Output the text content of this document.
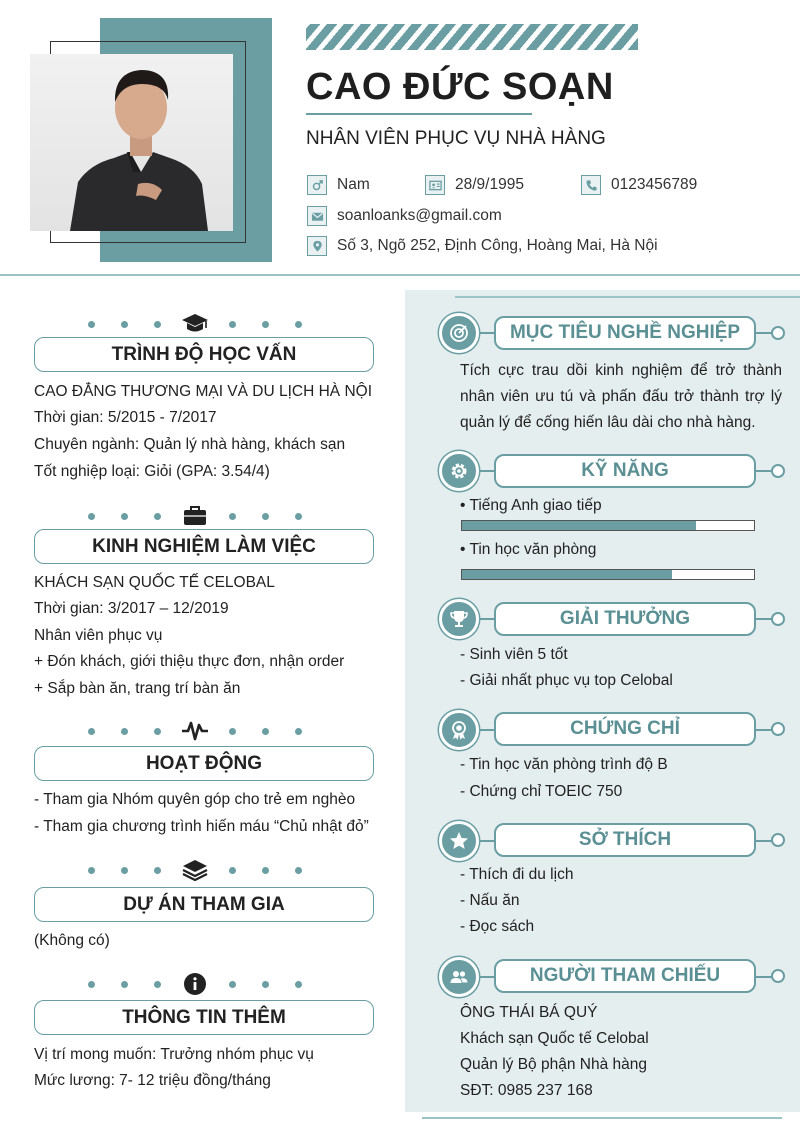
CAO ĐỨC SOẠN
NHÂN VIÊN PHỤC VỤ NHÀ HÀNG
Nam	28/9/1995	0123456789
soanloanks@gmail.com
Số 3, Ngõ 252, Định Công, Hoàng Mai, Hà Nội
TRÌNH ĐỘ HỌC VẤN
CAO ĐẲNG THƯƠNG MẠI VÀ DU LỊCH HÀ NỘI
Thời gian: 5/2015 - 7/2017
Chuyên ngành: Quản lý nhà hàng, khách sạn
Tốt nghiệp loại: Giỏi (GPA: 3.54/4)
KINH NGHIỆM LÀM VIỆC
KHÁCH SẠN QUỐC TẾ CELOBAL
Thời gian: 3/2017 – 12/2019
Nhân viên phục vụ
+ Đón khách, giới thiệu thực đơn, nhận order
+ Sắp bàn ăn, trang trí bàn ăn
HOẠT ĐỘNG
- Tham gia Nhóm quyên góp cho trẻ em nghèo
- Tham gia chương trình hiến máu “Chủ nhật đỏ”
DỰ ÁN THAM GIA
(Không có)
THÔNG TIN THÊM
Vị trí mong muốn: Trưởng nhóm phục vụ
Mức lương: 7- 12 triệu đồng/tháng
MỤC TIÊU NGHỀ NGHIỆP
Tích cực trau dồi kinh nghiệm để trở thành nhân viên ưu tú và phấn đấu trở thành trợ lý quản lý để cống hiến lâu dài cho nhà hàng.
KỸ NĂNG
• Tiếng Anh giao tiếp
• Tin học văn phòng
GIẢI THƯỞNG
- Sinh viên 5 tốt
- Giải nhất phục vụ top Celobal
CHỨNG CHỈ
- Tin học văn phòng trình độ B
- Chứng chỉ TOEIC 750
SỞ THÍCH
- Thích đi du lịch
- Nấu ăn
- Đọc sách
NGƯỜI THAM CHIẾU
ÔNG THÁI BÁ QUÝ
Khách sạn Quốc tế Celobal
Quản lý Bộ phận Nhà hàng
SĐT: 0985 237 168
